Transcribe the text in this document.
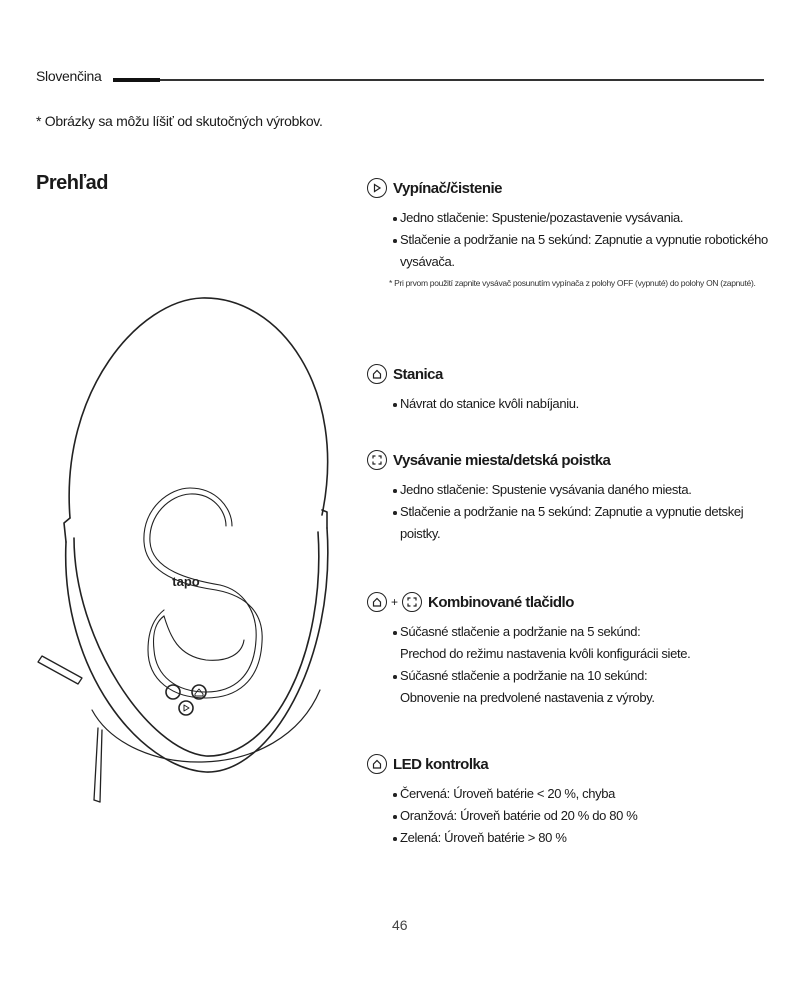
Slovenčina
* Obrázky sa môžu líšiť od skutočných výrobkov.
Prehľad
tapo
Vypínač/čistenie
Jedno stlačenie: Spustenie/pozastavenie vysávania.
Stlačenie a podržanie na 5 sekúnd: Zapnutie a vypnutie robotického vysávača.
* Pri prvom použití zapnite vysávač posunutím vypínača z polohy OFF (vypnuté) do polohy ON (zapnuté).
Stanica
Návrat do stanice kvôli nabíjaniu.
Vysávanie miesta/detská poistka
Jedno stlačenie: Spustenie vysávania daného miesta.
Stlačenie a podržanie na 5 sekúnd: Zapnutie a vypnutie detskej poistky.
+ Kombinované tlačidlo
Súčasné stlačenie a podržanie na 5 sekúnd:
Prechod do režimu nastavenia kvôli konfigurácii siete.
Súčasné stlačenie a podržanie na 10 sekúnd:
Obnovenie na predvolené nastavenia z výroby.
LED kontrolka
Červená: Úroveň batérie < 20 %, chyba
Oranžová: Úroveň batérie od 20 % do 80 %
Zelená: Úroveň batérie > 80 %
46
